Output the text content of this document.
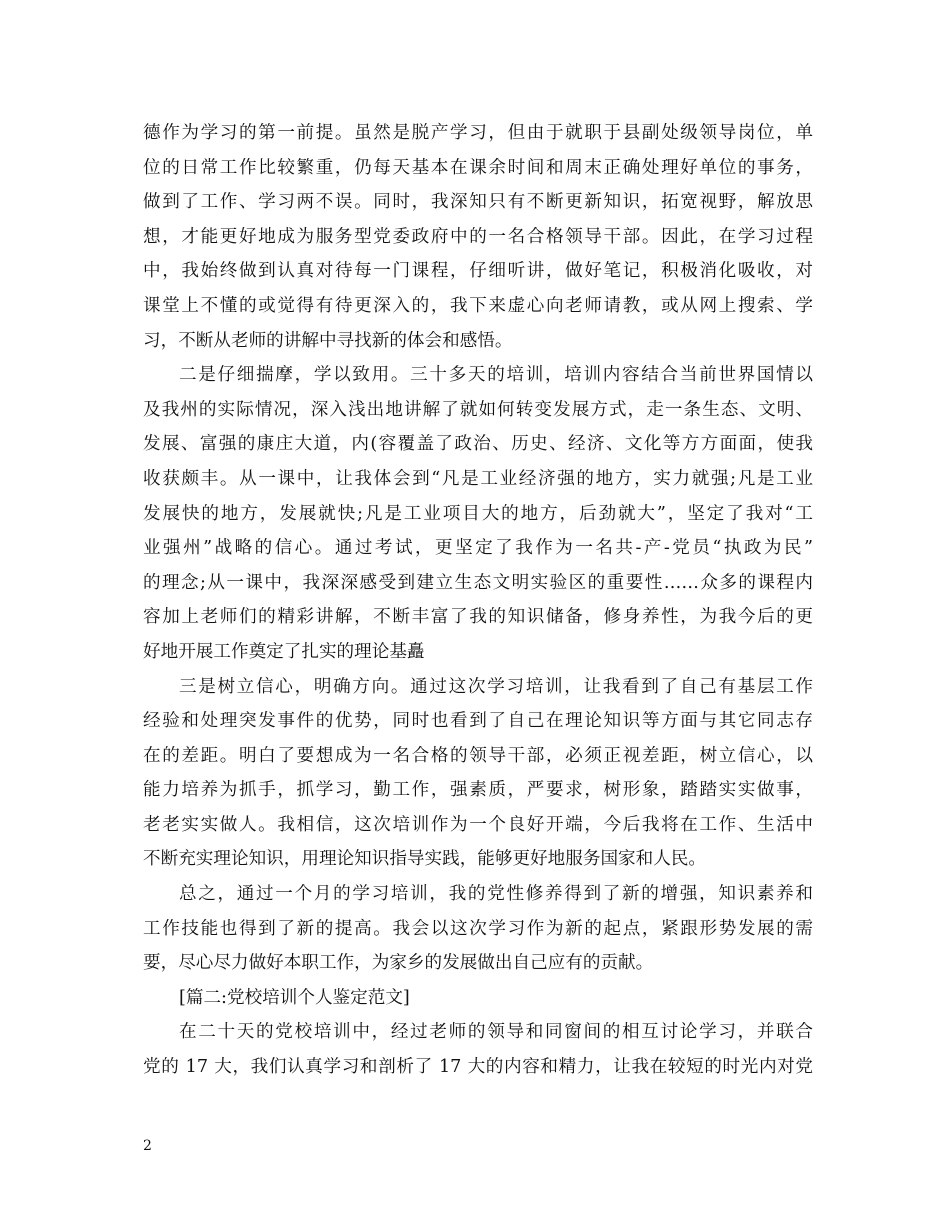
德作为学习的第一前提。虽然是脱产学习，但由于就职于县副处级领导岗位，单
位的日常工作比较繁重，仍每天基本在课余时间和周末正确处理好单位的事务，
做到了工作、学习两不误。同时，我深知只有不断更新知识，拓宽视野，解放思
想，才能更好地成为服务型党委政府中的一名合格领导干部。因此，在学习过程
中，我始终做到认真对待每一门课程，仔细听讲，做好笔记，积极消化吸收，对
课堂上不懂的或觉得有待更深入的，我下来虚心向老师请教，或从网上搜索、学
习，不断从老师的讲解中寻找新的体会和感悟。
二是仔细揣摩，学以致用。三十多天的培训，培训内容结合当前世界国情以
及我州的实际情况，深入浅出地讲解了就如何转变发展方式，走一条生态、文明、
发展、富强的康庄大道，内(容覆盖了政治、历史、经济、文化等方方面面，使我
收获颇丰。从一课中，让我体会到“凡是工业经济强的地方，实力就强;凡是工业
发展快的地方，发展就快;凡是工业项目大的地方，后劲就大”，坚定了我对“工
业强州”战略的信心。通过考试，更坚定了我作为一名共-产-党员“执政为民”
的理念;从一课中，我深深感受到建立生态文明实验区的重要性……众多的课程内
容加上老师们的精彩讲解，不断丰富了我的知识储备，修身养性，为我今后的更
好地开展工作奠定了扎实的理论基矗
三是树立信心，明确方向。通过这次学习培训，让我看到了自己有基层工作
经验和处理突发事件的优势，同时也看到了自己在理论知识等方面与其它同志存
在的差距。明白了要想成为一名合格的领导干部，必须正视差距，树立信心，以
能力培养为抓手，抓学习，勤工作，强素质，严要求，树形象，踏踏实实做事，
老老实实做人。我相信，这次培训作为一个良好开端，今后我将在工作、生活中
不断充实理论知识，用理论知识指导实践，能够更好地服务国家和人民。
总之，通过一个月的学习培训，我的党性修养得到了新的增强，知识素养和
工作技能也得到了新的提高。我会以这次学习作为新的起点，紧跟形势发展的需
要，尽心尽力做好本职工作，为家乡的发展做出自己应有的贡献。
[篇二:党校培训个人鉴定范文]
在二十天的党校培训中，经过老师的领导和同窗间的相互讨论学习，并联合
党的 17 大，我们认真学习和剖析了 17 大的内容和精力，让我在较短的时光内对党
2
